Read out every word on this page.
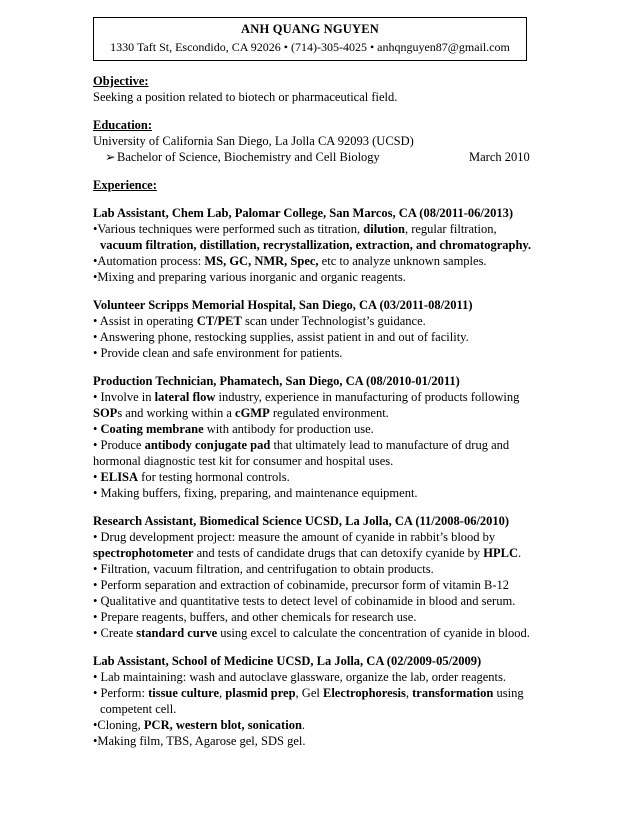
ANH QUANG NGUYEN
1330 Taft St, Escondido, CA 92026 • (714)-305-4025 • anhqnguyen87@gmail.com
Objective:
Seeking a position related to biotech or pharmaceutical field.
Education:
University of California San Diego, La Jolla CA 92093 (UCSD)
➢ Bachelor of Science, Biochemistry and Cell Biology	March 2010
Experience:
Lab Assistant, Chem Lab, Palomar College, San Marcos, CA (08/2011-06/2013)
•Various techniques were performed such as titration, dilution, regular filtration,
vacuum filtration, distillation, recrystallization, extraction, and chromatography.
•Automation process: MS, GC, NMR, Spec, etc to analyze unknown samples.
•Mixing and preparing various inorganic and organic reagents.
Volunteer Scripps Memorial Hospital, San Diego, CA (03/2011-08/2011)
• Assist in operating CT/PET scan under Technologist’s guidance.
• Answering phone, restocking supplies, assist patient in and out of facility.
• Provide clean and safe environment for patients.
Production Technician, Phamatech, San Diego, CA (08/2010-01/2011)
• Involve in lateral flow industry, experience in manufacturing of products following
SOPs and working within a cGMP regulated environment.
• Coating membrane with antibody for production use.
• Produce antibody conjugate pad that ultimately lead to manufacture of drug and
hormonal diagnostic test kit for consumer and hospital uses.
• ELISA for testing hormonal controls.
• Making buffers, fixing, preparing, and maintenance equipment.
Research Assistant, Biomedical Science UCSD, La Jolla, CA (11/2008-06/2010)
• Drug development project: measure the amount of cyanide in rabbit’s blood by
spectrophotometer and tests of candidate drugs that can detoxify cyanide by HPLC.
• Filtration, vacuum filtration, and centrifugation to obtain products.
• Perform separation and extraction of cobinamide, precursor form of vitamin B-12
• Qualitative and quantitative tests to detect level of cobinamide in blood and serum.
• Prepare reagents, buffers, and other chemicals for research use.
• Create standard curve using excel to calculate the concentration of cyanide in blood.
Lab Assistant, School of Medicine UCSD, La Jolla, CA (02/2009-05/2009)
• Lab maintaining: wash and autoclave glassware, organize the lab, order reagents.
• Perform: tissue culture, plasmid prep, Gel Electrophoresis, transformation using
competent cell.
•Cloning, PCR, western blot, sonication.
•Making film, TBS, Agarose gel, SDS gel.
